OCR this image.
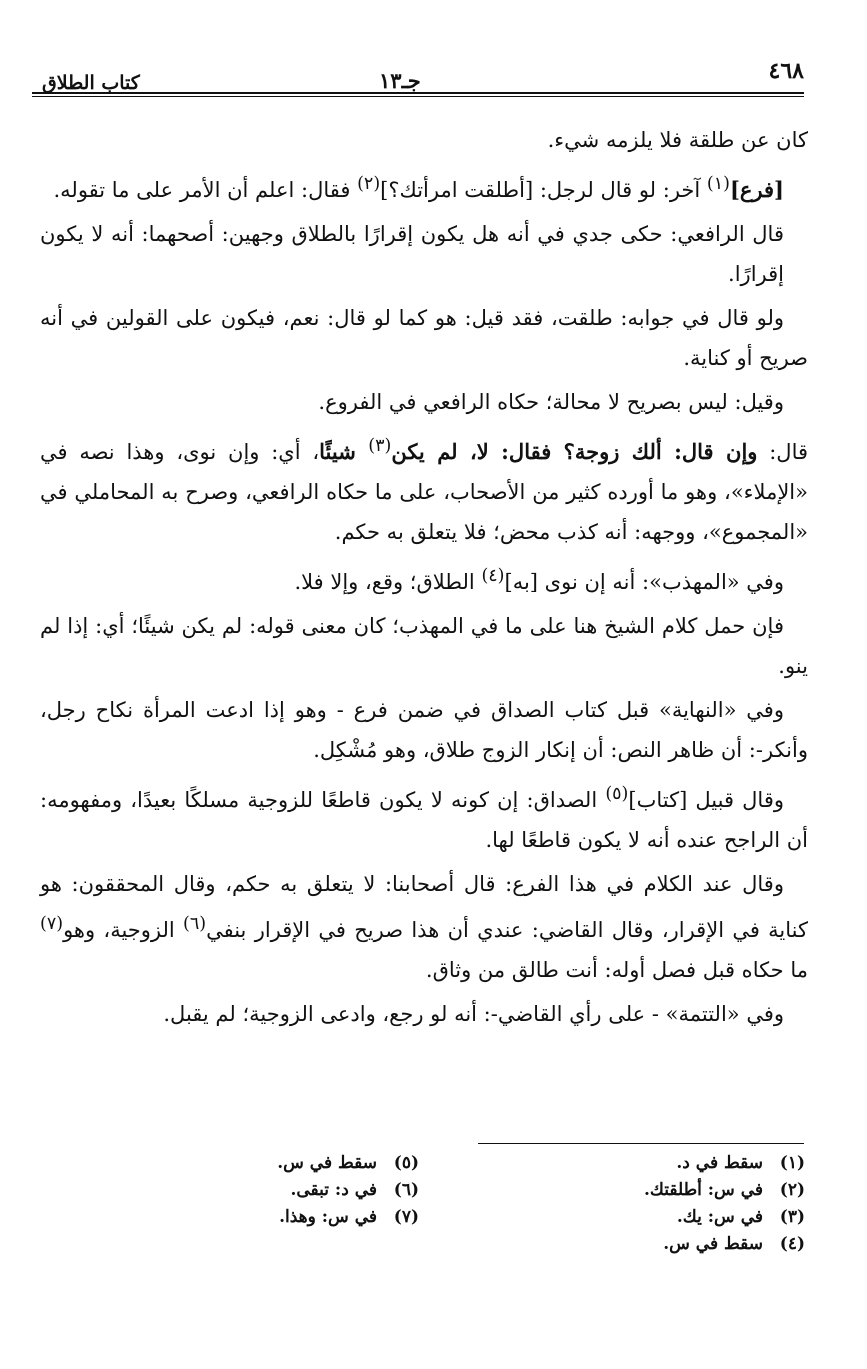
٤٦٨
جـ١٣
كتاب الطلاق

كان عن طلقة فلا يلزمه شيء.

[فرع]$^{(١)}$ آخر: لو قال لرجل: [أطلقت امرأتك؟]$^{(٢)}$ فقال: اعلم أن الأمر على ما تقوله.

قال الرافعي: حكى جدي في أنه هل يكون إقرارًا بالطلاق وجهين: أصحهما: أنه لا يكون إقرارًا.

ولو قال في جوابه: طلقت، فقد قيل: هو كما لو قال: نعم، فيكون على القولين في أنه صريح أو كناية.

وقيل: ليس بصريح لا محالة؛ حكاه الرافعي في الفروع.

قال: وإن قال: ألك زوجة؟ فقال: لا، لم يكن$^{(٣)}$ شيئًا، أي: وإن نوى، وهذا نصه في «الإملاء»، وهو ما أورده كثير من الأصحاب، على ما حكاه الرافعي، وصرح به المحاملي في «المجموع»، ووجهه: أنه كذب محض؛ فلا يتعلق به حكم.

وفي «المهذب»: أنه إن نوى [به]$^{(٤)}$ الطلاق؛ وقع، وإلا فلا.

فإن حمل كلام الشيخ هنا على ما في المهذب؛ كان معنى قوله: لم يكن شيئًا؛ أي: إذا لم ينو.

وفي «النهاية» قبل كتاب الصداق في ضمن فرع - وهو إذا ادعت المرأة نكاح رجل، وأنكر-: أن ظاهر النص: أن إنكار الزوج طلاق، وهو مُشْكِل.

وقال قبيل [كتاب]$^{(٥)}$ الصداق: إن كونه لا يكون قاطعًا للزوجية مسلكًا بعيدًا، ومفهومه: أن الراجح عنده أنه لا يكون قاطعًا لها.

وقال عند الكلام في هذا الفرع: قال أصحابنا: لا يتعلق به حكم، وقال المحققون: هو كناية في الإقرار، وقال القاضي: عندي أن هذا صريح في الإقرار بنفي$^{(٦)}$ الزوجية، وهو$^{(٧)}$ ما حكاه قبل فصل أوله: أنت طالق من وثاق.

وفي «التتمة» - على رأي القاضي-: أنه لو رجع، وادعى الزوجية؛ لم يقبل.

(١)سقط في د.
(٢)في س: أطلقتك.
(٣)في س: يك.
(٤)سقط في س.
(٥)سقط في س.
(٦)في د: تبقى.
(٧)في س: وهذا.
